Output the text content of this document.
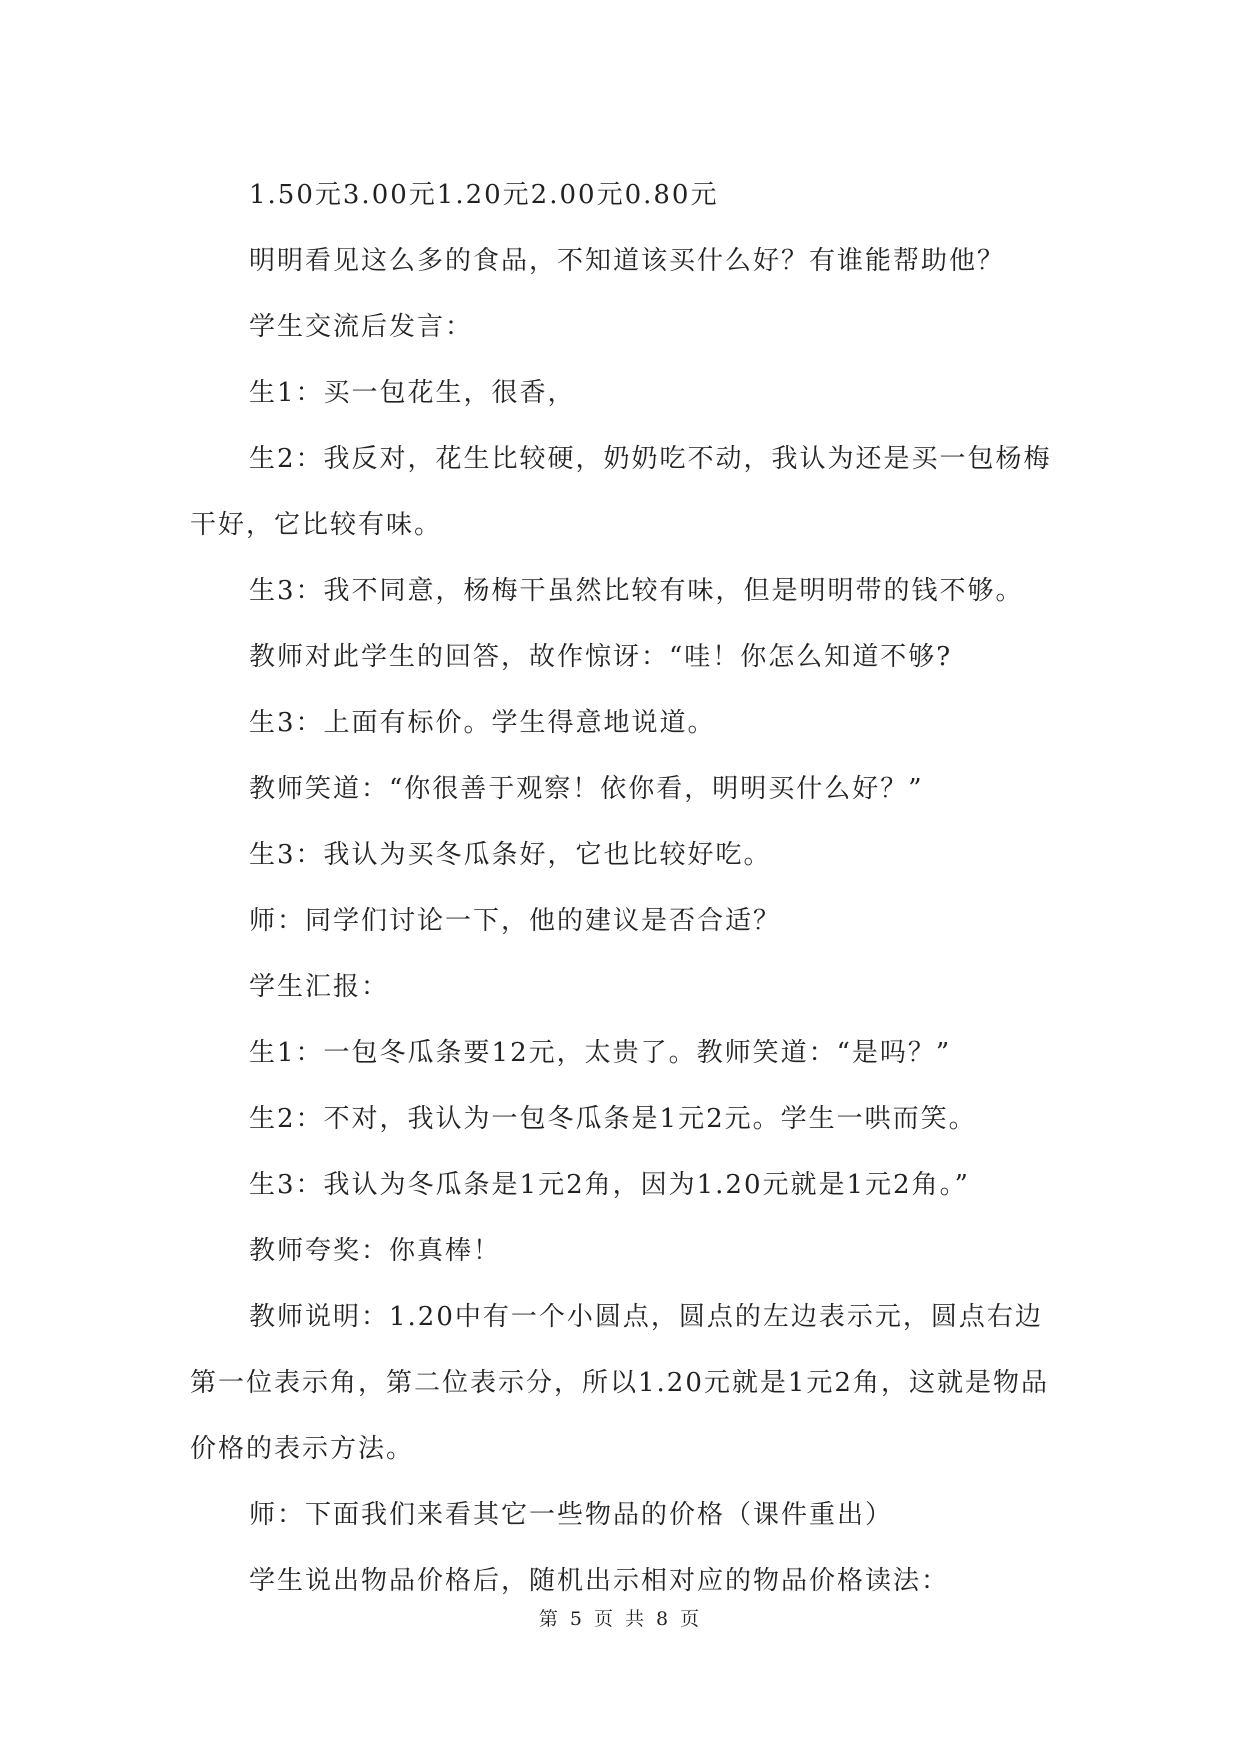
1.50元3.00元1.20元2.00元0.80元

明明看见这么多的食品，不知道该买什么好？有谁能帮助他？

学生交流后发言：

生1：买一包花生，很香，

生2：我反对，花生比较硬，奶奶吃不动，我认为还是买一包杨梅干好，它比较有味。

生3：我不同意，杨梅干虽然比较有味，但是明明带的钱不够。

教师对此学生的回答，故作惊讶：“哇！你怎么知道不够?

生3：上面有标价。学生得意地说道。

教师笑道：“你很善于观察！依你看，明明买什么好？”

生3：我认为买冬瓜条好，它也比较好吃。

师：同学们讨论一下，他的建议是否合适？

学生汇报：

生1：一包冬瓜条要12元，太贵了。教师笑道：“是吗？”

生2：不对，我认为一包冬瓜条是1元2元。学生一哄而笑。

生3：我认为冬瓜条是1元2角，因为1.20元就是1元2角。”

教师夸奖：你真棒！

教师说明：1.20中有一个小圆点，圆点的左边表示元，圆点右边第一位表示角，第二位表示分，所以1.20元就是1元2角，这就是物品价格的表示方法。

师：下面我们来看其它一些物品的价格（课件重出）

学生说出物品价格后，随机出示相对应的物品价格读法：

第 5 页 共 8 页
